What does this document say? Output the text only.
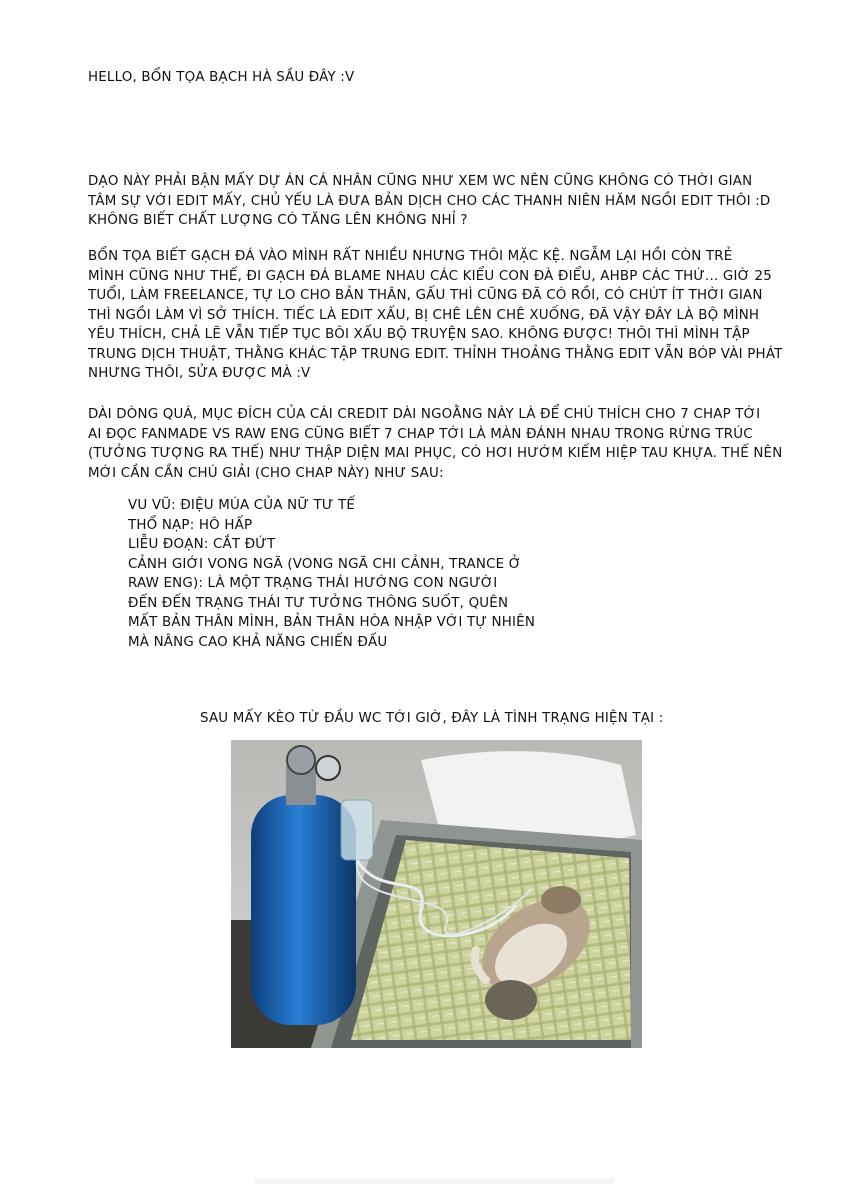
HELLO, BỔN TỌA BẠCH HÀ SẦU ĐÂY :V
DẠO NÀY PHẢI BẬN MẤY DỰ ÁN CÁ NHÂN CŨNG NHƯ XEM WC NÊN CŨNG KHÔNG CÓ THỜI GIAN
TÂM SỰ VỚI EDIT MẤY, CHỦ YẾU LÀ ĐƯA BẢN DỊCH CHO CÁC THANH NIÊN HĂM NGỒI EDIT THÔI :D
KHÔNG BIẾT CHẤT LƯỢNG CÓ TĂNG LÊN KHÔNG NHỈ ?
BỔN TỌA BIẾT GẠCH ĐÁ VÀO MÌNH RẤT NHIỀU NHƯNG THÔI MẶC KỆ. NGẪM LẠI HỒI CÒN TRẺ
MÌNH CŨNG NHƯ THẾ, ĐI GẠCH ĐÁ BLAME NHAU CÁC KIỂU CON ĐÀ ĐIỂU, AHBP CÁC THỨ... GIỜ 25
TUỔI, LÀM FREELANCE, TỰ LO CHO BẢN THÂN, GẤU THÌ CŨNG ĐÃ CÓ RỒI, CÓ CHÚT ÍT THỜI GIAN
THÌ NGỒI LÀM VÌ SỞ THÍCH. TIẾC LÀ EDIT XẤU, BỊ CHÊ LÊN CHÊ XUỐNG, ĐÃ VẬY ĐÂY LÀ BỘ MÌNH
YÊU THÍCH, CHẢ LẼ VẪN TIẾP TỤC BÔI XẤU BỘ TRUYỆN SAO. KHÔNG ĐƯỢC! THÔI THÌ MÌNH TẬP
TRUNG DỊCH THUẬT, THẰNG KHÁC TẬP TRUNG EDIT. THỈNH THOẢNG THẰNG EDIT VẪN BÓP VÀI PHÁT
NHƯNG THÔI, SỬA ĐƯỢC MÀ :V
DÀI DÒNG QUÁ, MỤC ĐÍCH CỦA CÁI CREDIT DÀI NGOẰNG NÀY LÀ ĐỂ CHÚ THÍCH CHO 7 CHAP TỚI
AI ĐỌC FANMADE VS RAW ENG CŨNG BIẾT 7 CHAP TỚI LÀ MÀN ĐÁNH NHAU TRONG RỪNG TRÚC
(TƯỞNG TƯỢNG RA THẾ) NHƯ THẬP DIỆN MAI PHỤC, CÓ HƠI HƯỚM KIẾM HIỆP TAU KHỰA. THẾ NÊN
MỚI CẦN CẦN CHÚ GIẢI (CHO CHAP NÀY) NHƯ SAU:
VU VŨ: ĐIỆU MÚA CỦA NỮ TƯ TẾ
THỔ NẠP: HÔ HẤP
LIỄU ĐOẠN: CẮT ĐỨT
CẢNH GIỚI VONG NGÃ (VONG NGÃ CHI CẢNH, TRANCE Ở
RAW ENG): LÀ MỘT TRẠNG THÁI HƯỚNG CON NGƯỜI
ĐẾN ĐẾN TRẠNG THÁI TƯ TƯỞNG THÔNG SUỐT, QUÊN
MẤT BẢN THÂN MÌNH, BẢN THÂN HÒA NHẬP VỚI TỰ NHIÊN
MÀ NÂNG CAO KHẢ NĂNG CHIẾN ĐẤU
SAU MẤY KÈO TỪ ĐẦU WC TỚI GIỜ, ĐÂY LÀ TÌNH TRẠNG HIỆN TẠI :
